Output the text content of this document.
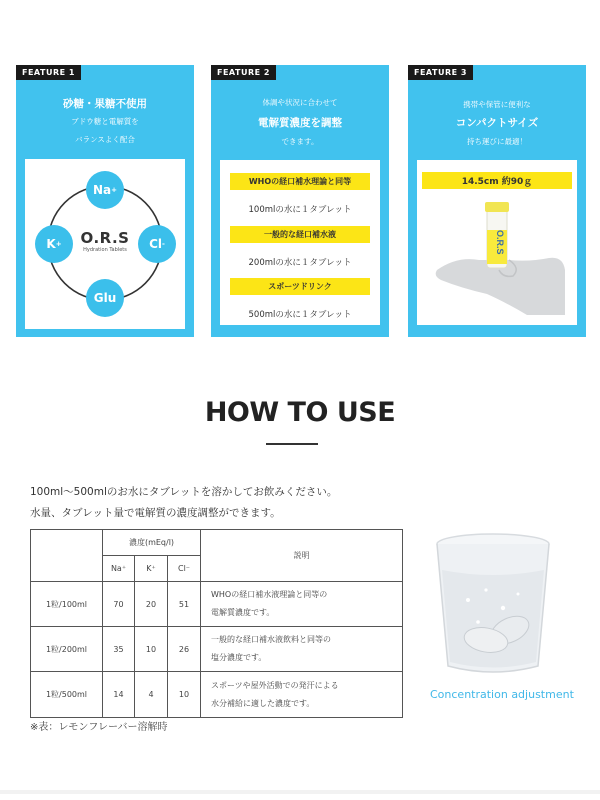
FEATURE 1
砂糖・果糖不使用
ブドウ糖と電解質を
バランスよく配合
Na +
K +	Cl -
Glu
O.R.S
Hydration Tablets
FEATURE 2
体調や状況に合わせて
電解質濃度を調整
できます。
WHOの経口補水理論と同等
100mlの水に１タブレット
一般的な経口補水液
200mlの水に１タブレット
スポーツドリンク
500mlの水に１タブレット
FEATURE 3
携帯や保管に便利な
コンパクトサイズ
持ち運びに最適！
14.5cm 約90ｇ
O.R.S
HOW TO USE
100ml～500mlのお水にタブレットを溶かしてお飲みください。
水量、タブレット量で電解質の濃度調整ができます。
	濃度(mEq/l)			説明
	Na⁺	K⁺	Cl⁻	
1粒/100ml	70	20	51	WHOの経口補水液理論と同等の
電解質濃度です。

1粒/200ml	35	10	26	一般的な経口補水液飲料と同等の
塩分濃度です。

1粒/500ml	14	4	10	スポーツや屋外活動での発汗による
水分補給に適した濃度です。
※表：レモンフレーバー溶解時
Concentration adjustment
